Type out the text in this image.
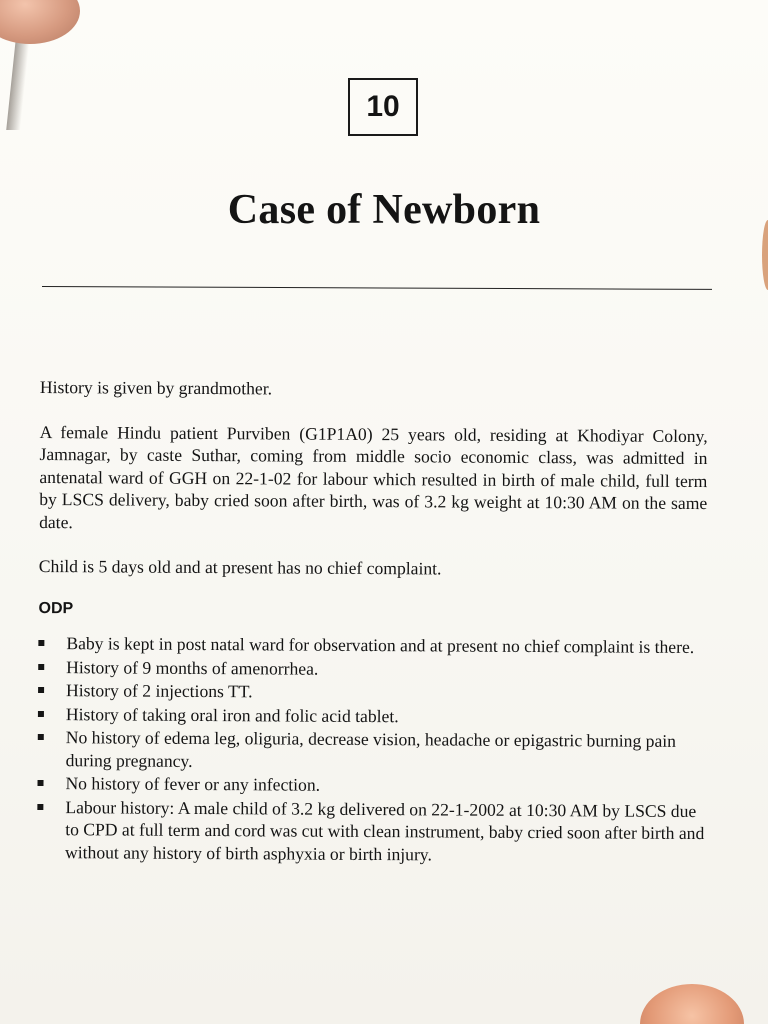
10
Case of Newborn

History is given by grandmother.

A female Hindu patient Purviben (G1P1A0) 25 years old, residing at Khodiyar Colony, Jamnagar, by caste Suthar, coming from middle socio economic class, was admitted in antenatal ward of GGH on 22-1-02 for labour which resulted in birth of male child, full term by LSCS delivery, baby cried soon after birth, was of 3.2 kg weight at 10:30 AM on the same date.

Child is 5 days old and at present has no chief complaint.

ODP

Baby is kept in post natal ward for observation and at present no chief complaint is there.
History of 9 months of amenorrhea.
History of 2 injections TT.
History of taking oral iron and folic acid tablet.
No history of edema leg, oliguria, decrease vision, headache or epigastric burning pain during pregnancy.
No history of fever or any infection.
Labour history: A male child of 3.2 kg delivered on 22-1-2002 at 10:30 AM by LSCS due to CPD at full term and cord was cut with clean instrument, baby cried soon after birth and without any history of birth asphyxia or birth injury.
